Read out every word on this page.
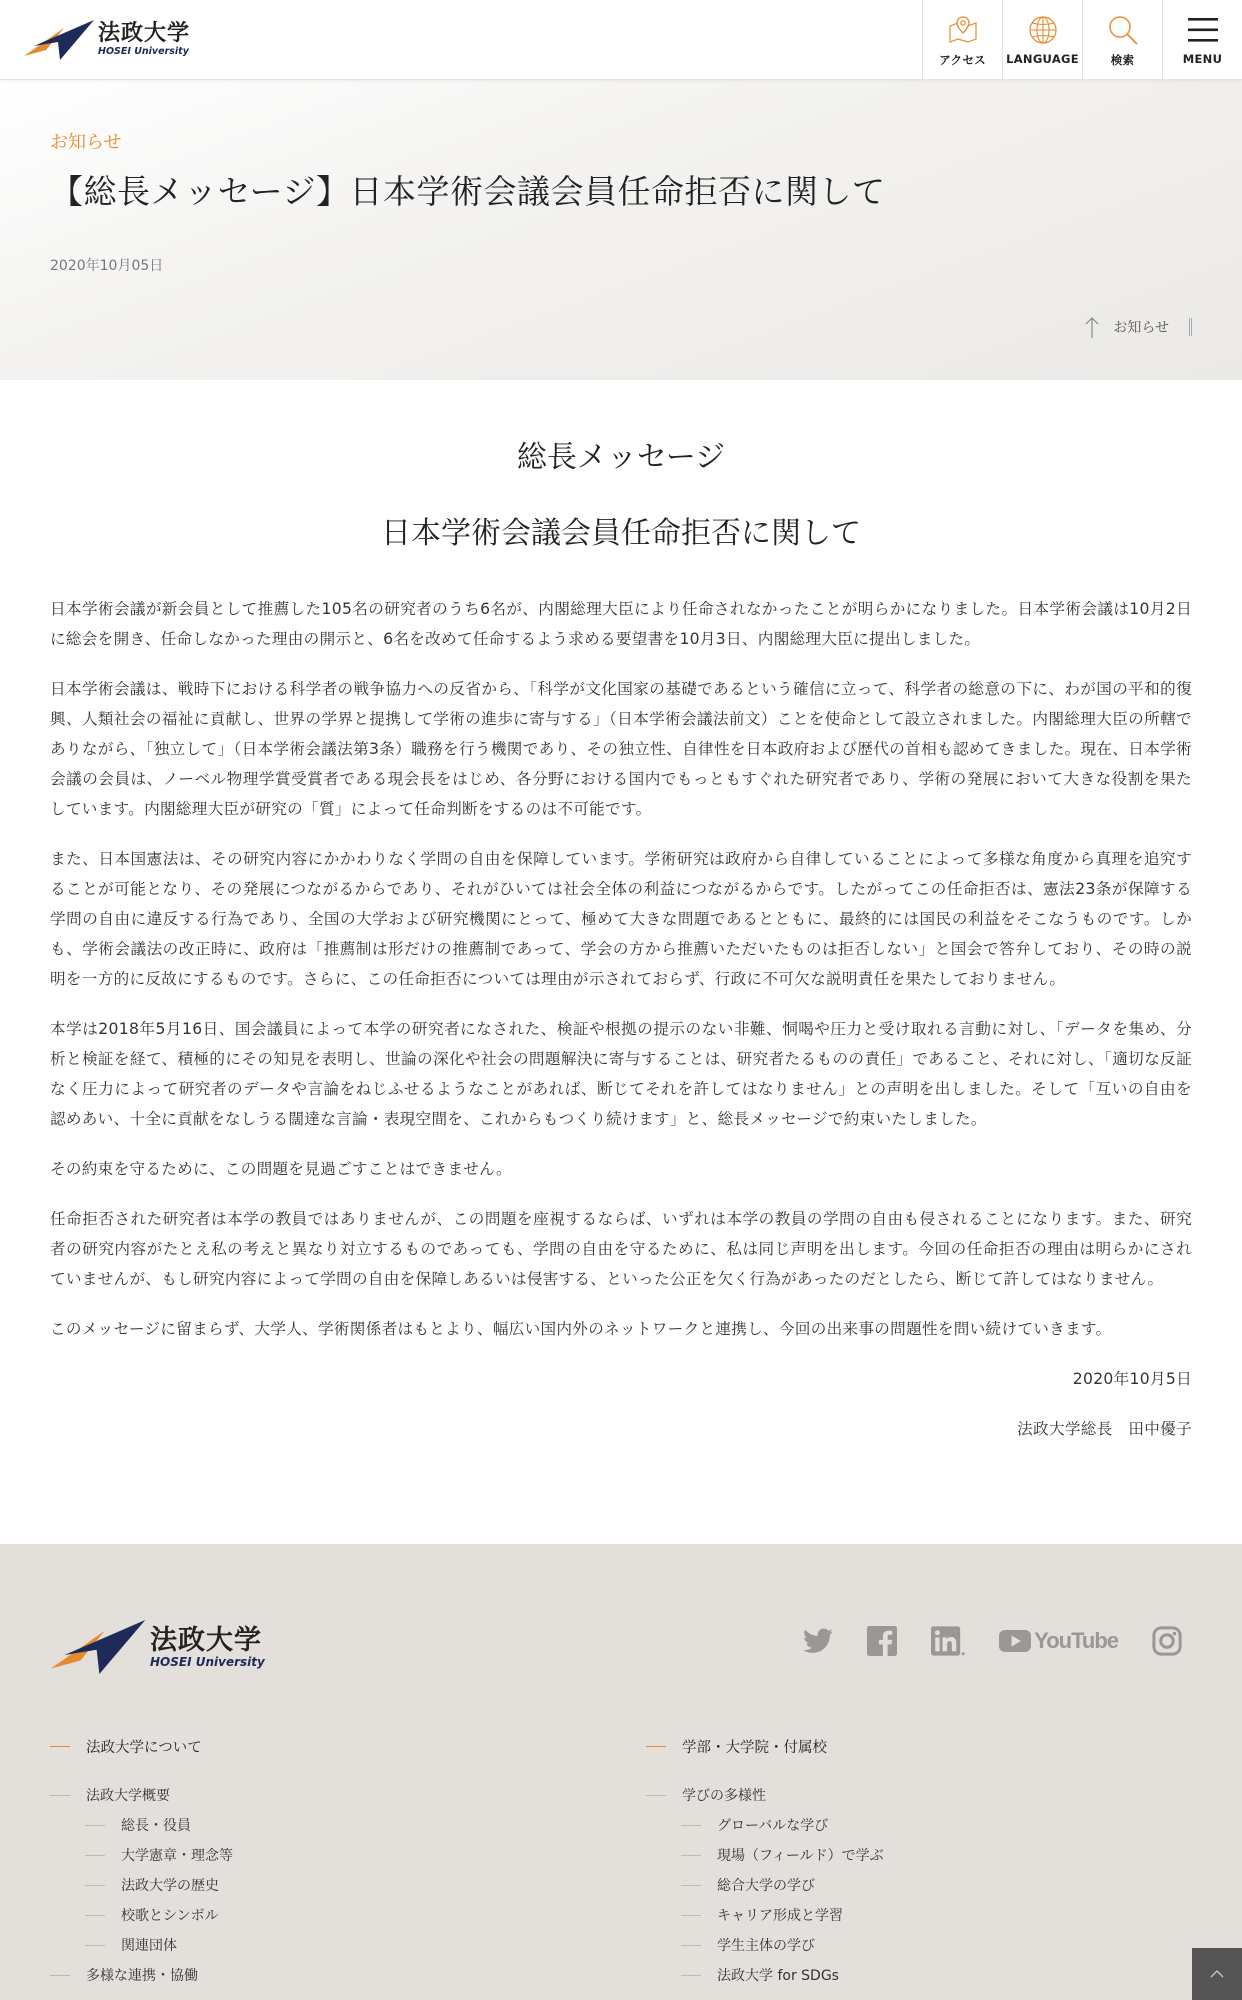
法政大学
HOSEI University
アクセス LANGUAGE	検索	MENU
お知らせ
【総長メッセージ】日本学術会議会員任命拒否に関して
2020年10月05日
お知らせ
総長メッセージ
日本学術会議会員任命拒否に関して

日本学術会議が新会員として推薦した105名の研究者のうち6名が、内閣総理大臣により任命されなかったことが明らかになりました。日本学術会議は10月2日に総会を開き、任命しなかった理由の開示と、6名を改めて任命するよう求める要望書を10月3日、内閣総理大臣に提出しました。

日本学術会議は、戦時下における科学者の戦争協力への反省から、「科学が文化国家の基礎であるという確信に立って、科学者の総意の下に、わが国の平和的復興、人類社会の福祉に貢献し、世界の学界と提携して学術の進歩に寄与する」（日本学術会議法前文）ことを使命として設立されました。内閣総理大臣の所轄でありながら、「独立して」（日本学術会議法第3条）職務を行う機関であり、その独立性、自律性を日本政府および歴代の首相も認めてきました。現在、日本学術会議の会員は、ノーベル物理学賞受賞者である現会長をはじめ、各分野における国内でもっともすぐれた研究者であり、学術の発展において大きな役割を果たしています。内閣総理大臣が研究の「質」によって任命判断をするのは不可能です。

また、日本国憲法は、その研究内容にかかわりなく学問の自由を保障しています。学術研究は政府から自律していることによって多様な角度から真理を追究することが可能となり、その発展につながるからであり、それがひいては社会全体の利益につながるからです。したがってこの任命拒否は、憲法23条が保障する学問の自由に違反する行為であり、全国の大学および研究機関にとって、極めて大きな問題であるとともに、最終的には国民の利益をそこなうものです。しかも、学術会議法の改正時に、政府は「推薦制は形だけの推薦制であって、学会の方から推薦いただいたものは拒否しない」と国会で答弁しており、その時の説明を一方的に反故にするものです。さらに、この任命拒否については理由が示されておらず、行政に不可欠な説明責任を果たしておりません。

本学は2018年5月16日、国会議員によって本学の研究者になされた、検証や根拠の提示のない非難、恫喝や圧力と受け取れる言動に対し、「データを集め、分析と検証を経て、積極的にその知見を表明し、世論の深化や社会の問題解決に寄与することは、研究者たるものの責任」であること、それに対し、「適切な反証なく圧力によって研究者のデータや言論をねじふせるようなことがあれば、断じてそれを許してはなりません」との声明を出しました。そして「互いの自由を認めあい、十全に貢献をなしうる闊達な言論・表現空間を、これからもつくり続けます」と、総長メッセージで約束いたしました。

その約束を守るために、この問題を見過ごすことはできません。

任命拒否された研究者は本学の教員ではありませんが、この問題を座視するならば、いずれは本学の教員の学問の自由も侵されることになります。また、研究者の研究内容がたとえ私の考えと異なり対立するものであっても、学問の自由を守るために、私は同じ声明を出します。今回の任命拒否の理由は明らかにされていませんが、もし研究内容によって学問の自由を保障しあるいは侵害する、といった公正を欠く行為があったのだとしたら、断じて許してはなりません。

このメッセージに留まらず、大学人、学術関係者はもとより、幅広い国内外のネットワークと連携し、今回の出来事の問題性を問い続けていきます。

2020年10月5日

法政大学総長　田中優子

法政大学
HOSEI University
YouTube
法政大学について
法政大学概要
総長・役員
大学憲章・理念等
法政大学の歴史
校歌とシンボル
関連団体
多様な連携・協働
学部・大学院・付属校
学びの多様性
グローバルな学び
現場（フィールド）で学ぶ
総合大学の学び
キャリア形成と学習
学生主体の学び
法政大学 for SDGs
